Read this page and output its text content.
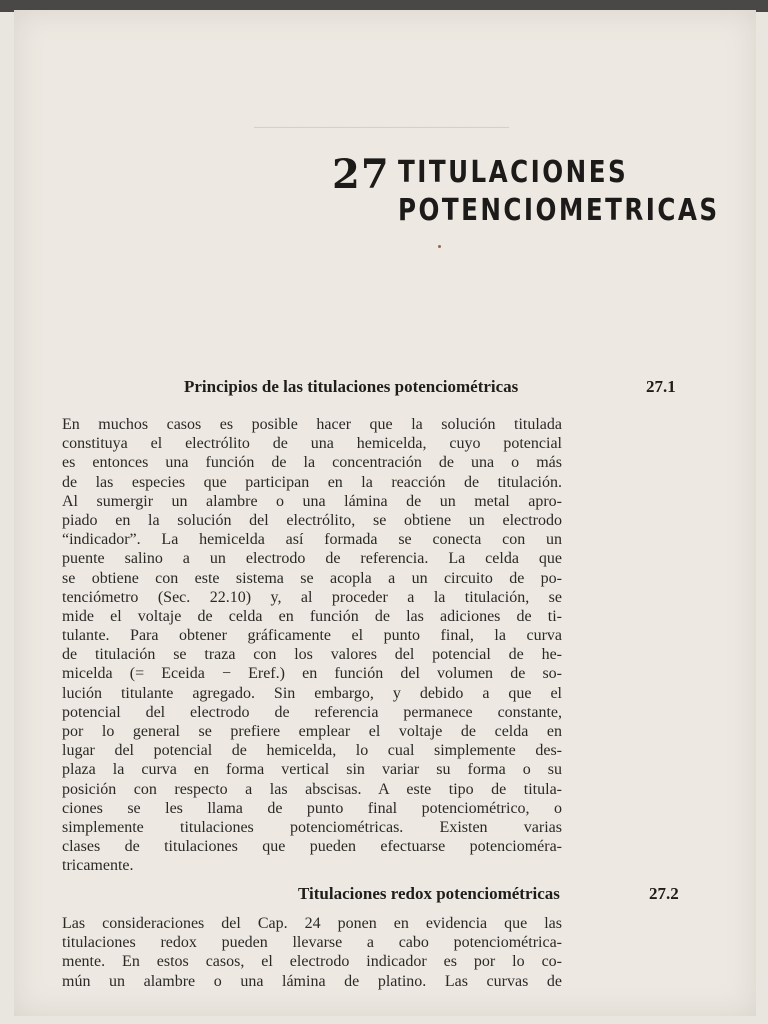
────────────────────────
27 TITULACIONES
POTENCIOMETRICAS
Principios de las titulaciones potenciométricas	27.1
En muchos casos es posible hacer que la solución titulada
constituya el electrólito de una hemicelda, cuyo potencial
es entonces una función de la concentración de una o más
de las especies que participan en la reacción de titulación.
Al sumergir un alambre o una lámina de un metal apro-
piado en la solución del electrólito, se obtiene un electrodo
“indicador”. La hemicelda así formada se conecta con un
puente salino a un electrodo de referencia. La celda que
se obtiene con este sistema se acopla a un circuito de po-
tenciómetro (Sec. 22.10) y, al proceder a la titulación, se
mide el voltaje de celda en función de las adiciones de ti-
tulante. Para obtener gráficamente el punto final, la curva
de titulación se traza con los valores del potencial de he-
micelda (= Eceida − Eref.) en función del volumen de so-
lución titulante agregado. Sin embargo, y debido a que el
potencial del electrodo de referencia permanece constante,
por lo general se prefiere emplear el voltaje de celda en
lugar del potencial de hemicelda, lo cual simplemente des-
plaza la curva en forma vertical sin variar su forma o su
posición con respecto a las abscisas. A este tipo de titula-
ciones se les llama de punto final potenciométrico, o
simplemente titulaciones potenciométricas. Existen varias
clases de titulaciones que pueden efectuarse potencioméra-
tricamente.
Titulaciones redox potenciométricas	27.2
Las consideraciones del Cap. 24 ponen en evidencia que las
titulaciones redox pueden llevarse a cabo potenciométrica-
mente. En estos casos, el electrodo indicador es por lo co-
mún un alambre o una lámina de platino. Las curvas de
